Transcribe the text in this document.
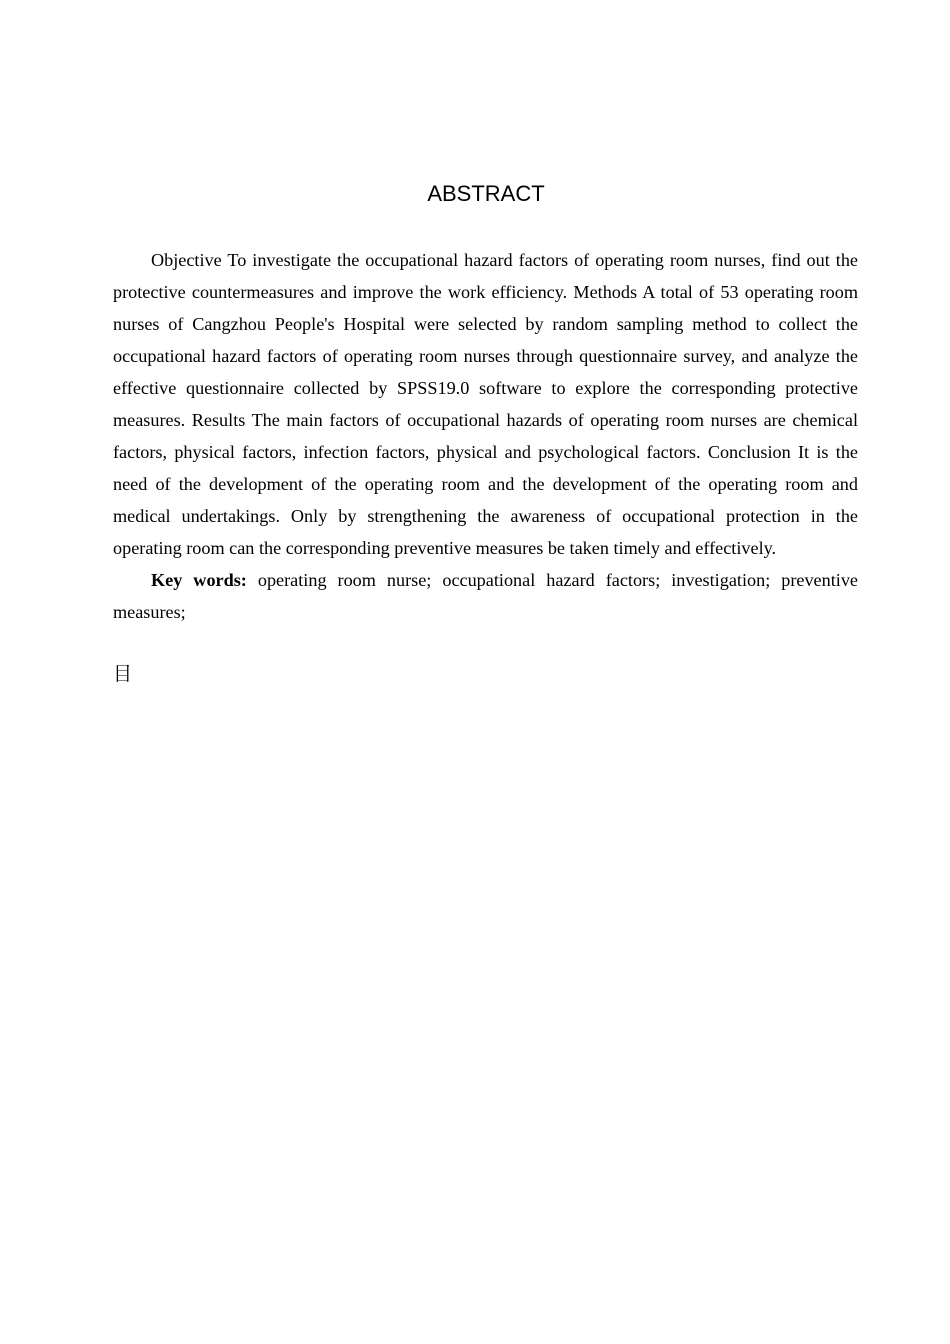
ABSTRACT

Objective To investigate the occupational hazard factors of operating room nurses, find out the protective countermeasures and improve the work efficiency. Methods A total of 53 operating room nurses of Cangzhou People's Hospital were selected by random sampling method to collect the occupational hazard factors of operating room nurses through questionnaire survey, and analyze the effective questionnaire collected by SPSS19.0 software to explore the corresponding protective measures. Results The main factors of occupational hazards of operating room nurses are chemical factors, physical factors, infection factors, physical and psychological factors. Conclusion It is the need of the development of the operating room and the development of the operating room and medical undertakings. Only by strengthening the awareness of occupational protection in the operating room can the corresponding preventive measures be taken timely and effectively.

Key words: operating room nurse; occupational hazard factors; investigation; preventive measures;

目
